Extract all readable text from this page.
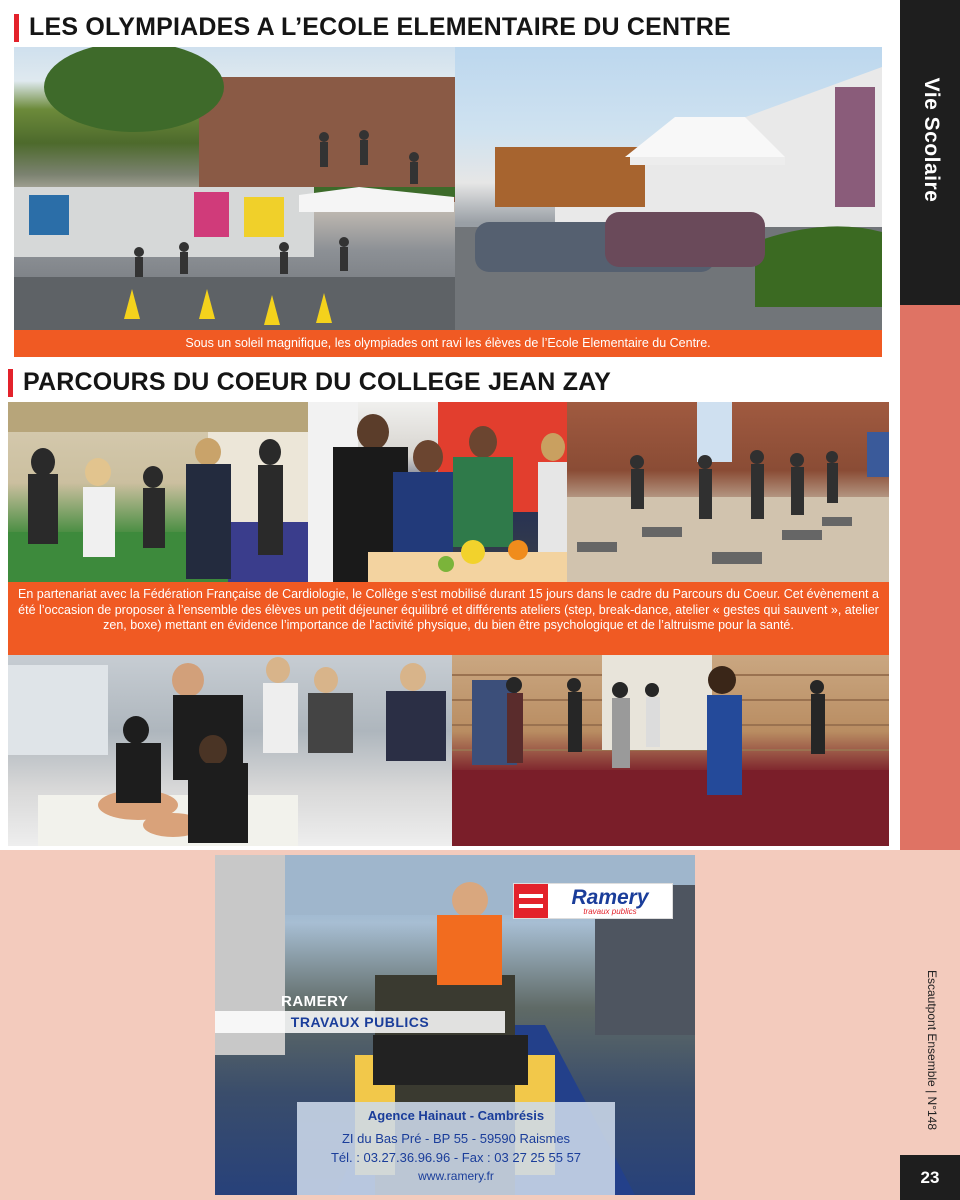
Vie Scolaire
Escautpont Ensemble | N°148
23
LES OLYMPIADES A L’ECOLE ELEMENTAIRE DU CENTRE
Sous un soleil magnifique, les olympiades ont ravi les élèves de l’Ecole Elementaire du Centre.
PARCOURS DU COEUR DU COLLEGE JEAN ZAY
En partenariat avec la Fédération Française de Cardiologie, le Collège s’est mobilisé durant 15 jours dans le cadre du Parcours du Coeur. Cet évènement a été l’occasion de proposer à l’ensemble des élèves un petit déjeuner équilibré et différents ateliers (step, break-dance, atelier « gestes qui sauvent », atelier zen, boxe) mettant en évidence l’importance de l’activité physique, du bien être psychologique et de l’altruisme pour la santé.
Ramery
travaux publics
RAMERY
TRAVAUX PUBLICS
Agence Hainaut - Cambrésis
ZI du Bas Pré - BP 55 - 59590 Raismes
Tél. : 03.27.36.96.96 - Fax : 03 27 25 55 57
www.ramery.fr
